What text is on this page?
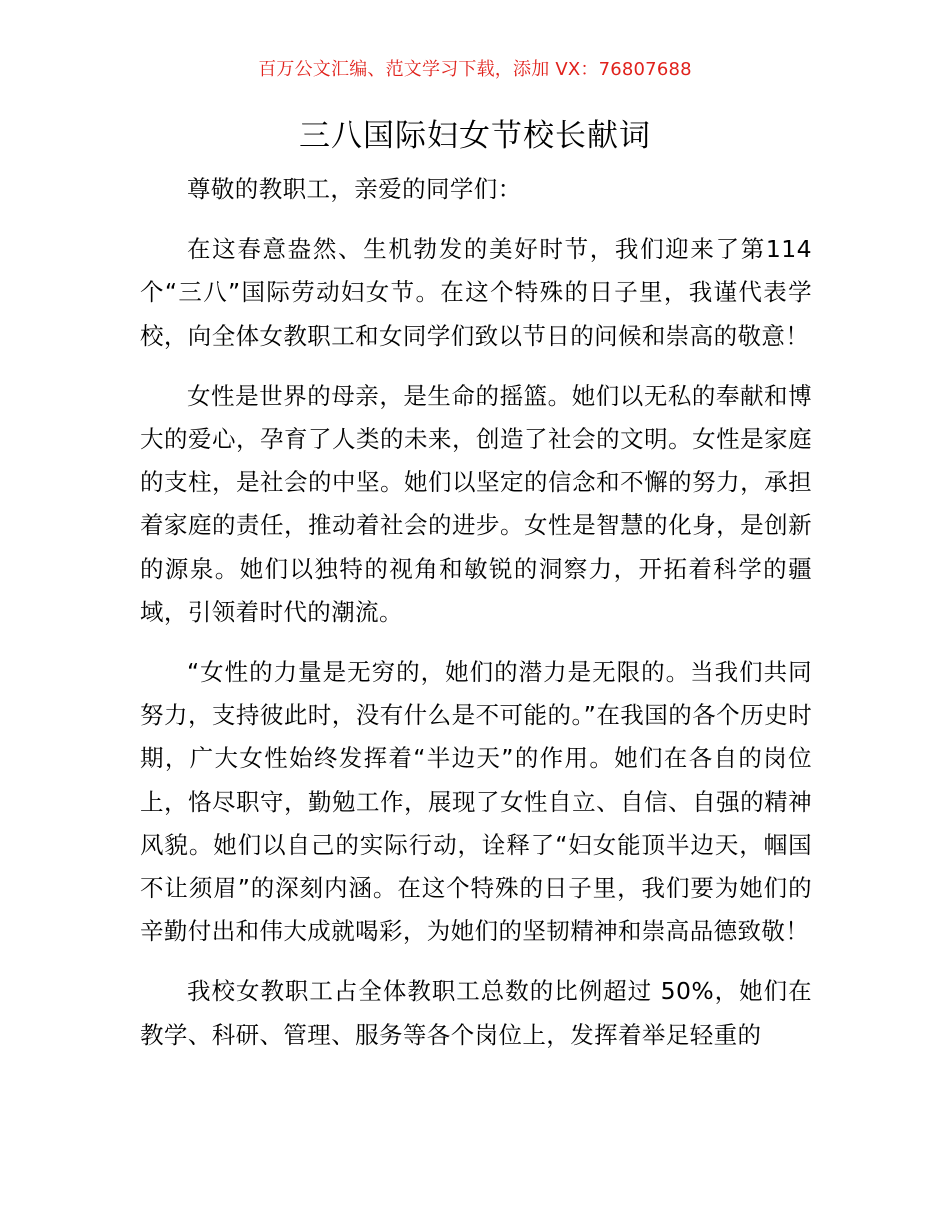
百万公文汇编、范文学习下载，添加 VX：76807688
三八国际妇女节校长献词

尊敬的教职工，亲爱的同学们：

在这春意盎然、生机勃发的美好时节，我们迎来了第114个“三八”国际劳动妇女节。在这个特殊的日子里，我谨代表学校，向全体女教职工和女同学们致以节日的问候和崇高的敬意！

女性是世界的母亲，是生命的摇篮。她们以无私的奉献和博大的爱心，孕育了人类的未来，创造了社会的文明。女性是家庭的支柱，是社会的中坚。她们以坚定的信念和不懈的努力，承担着家庭的责任，推动着社会的进步。女性是智慧的化身，是创新的源泉。她们以独特的视角和敏锐的洞察力，开拓着科学的疆域，引领着时代的潮流。

“女性的力量是无穷的，她们的潜力是无限的。当我们共同努力，支持彼此时，没有什么是不可能的。”在我国的各个历史时期，广大女性始终发挥着“半边天”的作用。她们在各自的岗位上，恪尽职守，勤勉工作，展现了女性自立、自信、自强的精神风貌。她们以自己的实际行动，诠释了“妇女能顶半边天，帼国不让须眉”的深刻内涵。在这个特殊的日子里，我们要为她们的辛勤付出和伟大成就喝彩，为她们的坚韧精神和崇高品德致敬！

我校女教职工占全体教职工总数的比例超过 50%，她们在教学、科研、管理、服务等各个岗位上，发挥着举足轻重的
